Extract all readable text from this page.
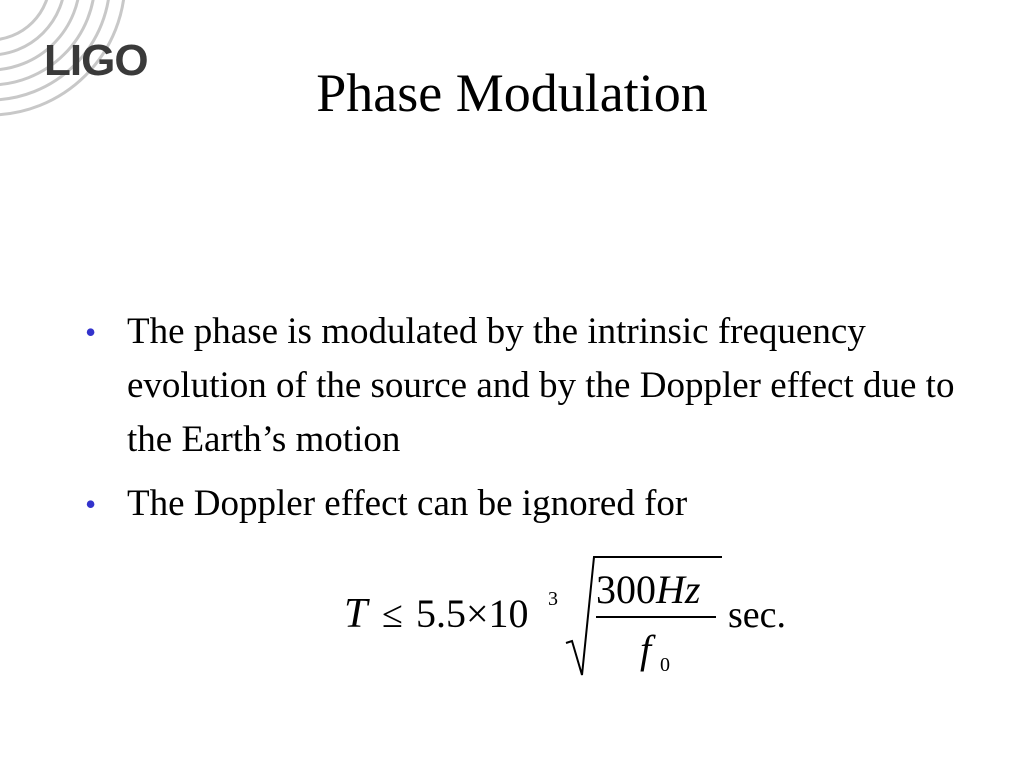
LIGO
Phase Modulation
• The phase is modulated by the intrinsic frequency evolution of the source and by the Doppler effect due to the Earth’s motion
• The Doppler effect can be ignored for
T ≤ 5.5×10 3 300 Hz
f 0
sec.
